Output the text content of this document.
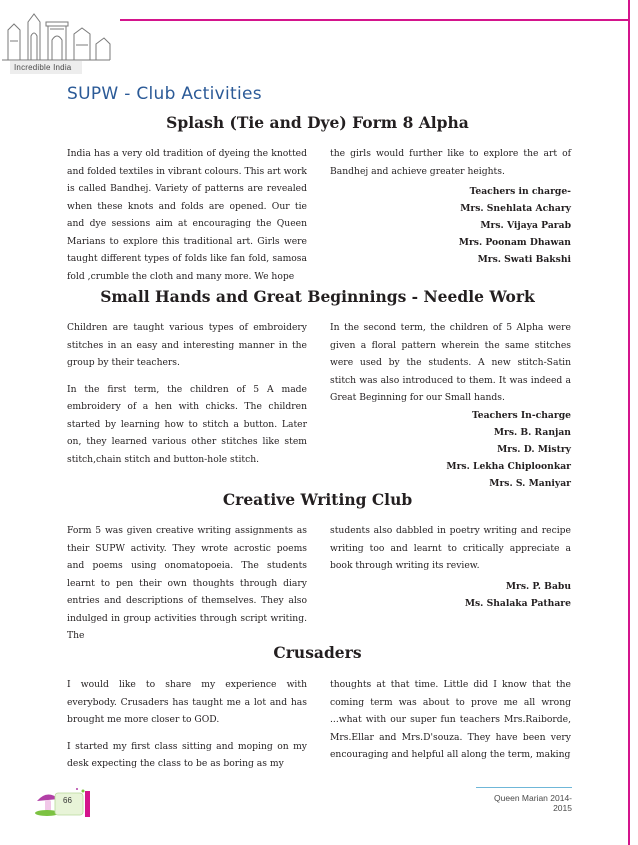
Incredible India
SUPW - Club Activities
Splash (Tie and Dye) Form 8 Alpha

India has a very old tradition of dyeing the knotted and folded textiles in vibrant colours. This art work is called Bandhej. Variety of patterns are revealed when these knots and folds are opened. Our tie and dye sessions aim at encouraging the Queen Marians to explore this traditional art. Girls were taught different types of folds like fan fold, samosa fold ,crumble the cloth and many more. We hope

the girls would further like to explore the art of Bandhej and achieve greater heights.

Teachers in charge-
Mrs. Snehlata Achary
Mrs. Vijaya Parab
Mrs. Poonam Dhawan
Mrs. Swati Bakshi
Small Hands and Great Beginnings - Needle Work

Children are taught various types of embroidery stitches in an easy and interesting manner in the group by their teachers.

In the first term, the children of 5 A made embroidery of a hen with chicks. The children started by learning how to stitch a button. Later on, they learned various other stitches like stem stitch,chain stitch and button-hole stitch.

In the second term, the children of 5 Alpha were given a floral pattern wherein the same stitches were used by the students. A new stitch-Satin stitch was also introduced to them. It was indeed a Great Beginning for our Small hands.

Teachers In-charge
Mrs. B. Ranjan
Mrs. D. Mistry
Mrs. Lekha Chiploonkar
Mrs. S. Maniyar
Creative Writing Club

Form 5 was given creative writing assignments as their SUPW activity. They wrote acrostic poems and poems using onomatopoeia. The students learnt to pen their own thoughts through diary entries and descriptions of themselves. They also indulged in group activities through script writing. The

students also dabbled in poetry writing and recipe writing too and learnt to critically appreciate a book through writing its review.

Mrs. P. Babu
Ms. Shalaka Pathare
Crusaders

I would like to share my experience with everybody. Crusaders has taught me a lot and has brought me more closer to GOD.

I started my first class sitting and moping on my desk expecting the class to be as boring as my

thoughts at that time. Little did I know that the coming term was about to prove me all wrong ...what with our super fun teachers Mrs.Raiborde, Mrs.Ellar and Mrs.D'souza. They have been very encouraging and helpful all along the term, making

66	Queen Marian 2014-2015
